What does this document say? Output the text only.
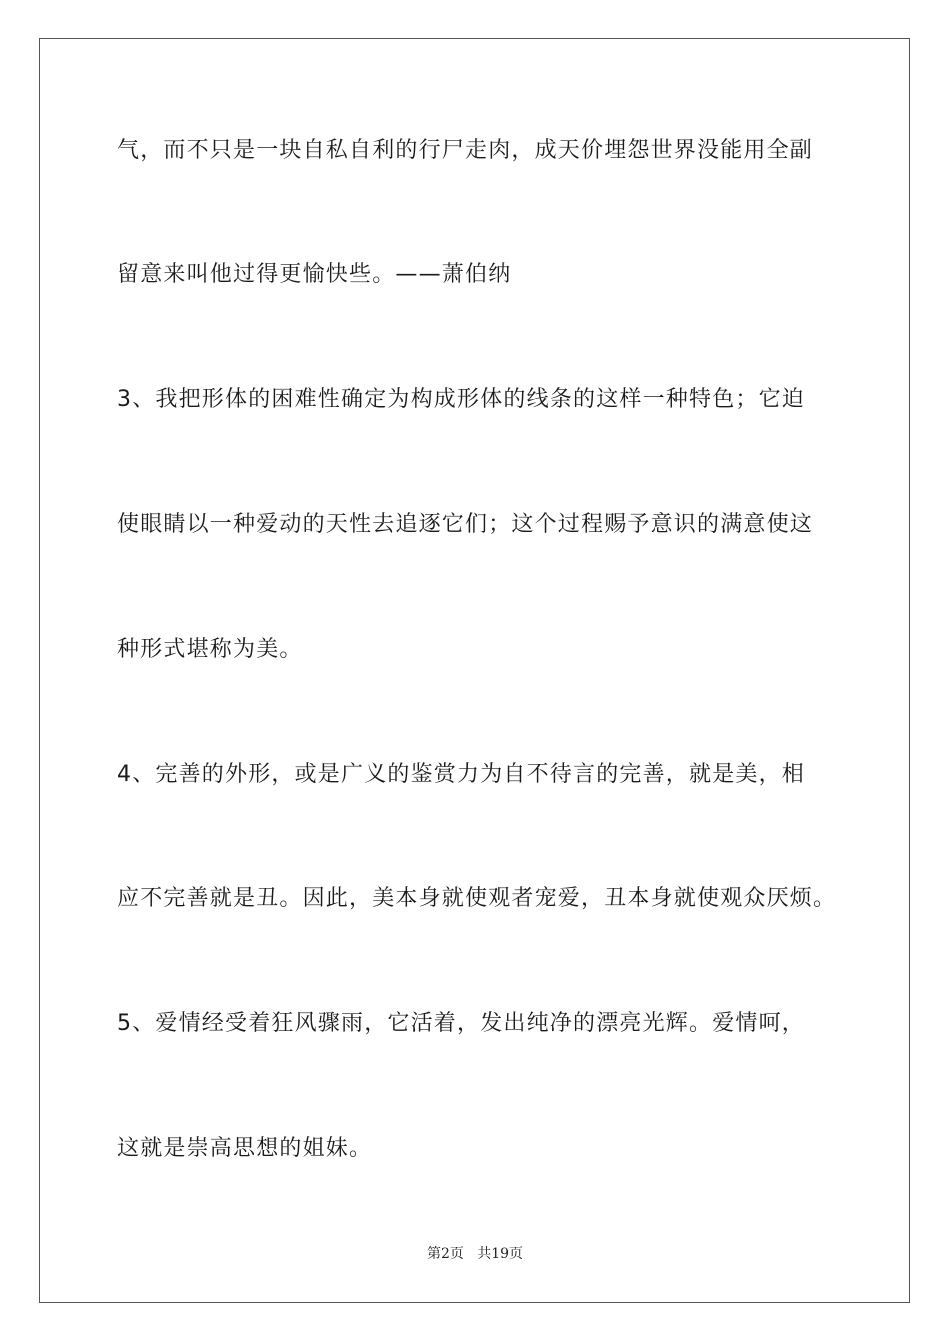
气，而不只是一块自私自利的行尸走肉，成天价埋怨世界没能用全副
留意来叫他过得更愉快些。——萧伯纳
3、我把形体的困难性确定为构成形体的线条的这样一种特色；它迫
使眼睛以一种爱动的天性去追逐它们；这个过程赐予意识的满意使这
种形式堪称为美。
4、完善的外形，或是广义的鉴赏力为自不待言的完善，就是美，相
应不完善就是丑。因此，美本身就使观者宠爱，丑本身就使观众厌烦。
5、爱情经受着狂风骤雨，它活着，发出纯净的漂亮光辉。爱情呵，
这就是崇高思想的姐妹。
第2页   共19页
